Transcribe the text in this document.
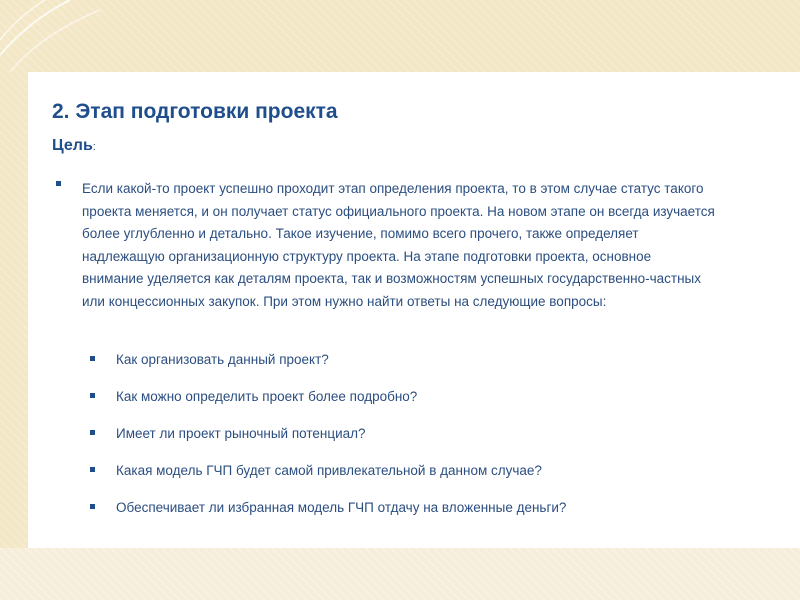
2. Этап подготовки проекта

Цель:

Если какой-то проект успешно проходит этап определения проекта, то в этом случае статус такого проекта меняется, и он получает статус официального проекта. На новом этапе он всегда изучается более углубленно и детально. Такое изучение, помимо всего прочего, также определяет надлежащую организационную структуру проекта. На этапе подготовки проекта, основное внимание уделяется как деталям проекта, так и возможностям успешных государственно-частных или концессионных закупок. При этом нужно найти ответы на следующие вопросы:

Как организовать данный проект?
Как можно определить проект более подробно?
Имеет ли проект рыночный потенциал?
Какая модель ГЧП будет самой привлекательной в данном случае?
Обеспечивает ли избранная модель ГЧП отдачу на вложенные деньги?
